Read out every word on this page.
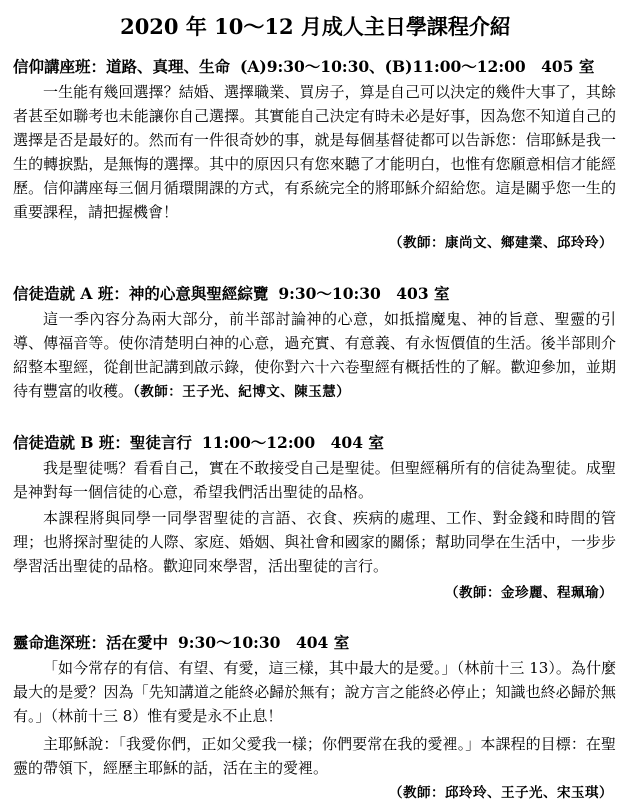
2020 年 10～12 月成人主日學課程介紹
信仰講座班：道路、真理、生命 (A)9:30～10:30、(B)11:00～12:00　405 室
一生能有幾回選擇？結婚、選擇職業、買房子，算是自己可以決定的幾件大事了，其餘者甚至如聯考也未能讓你自己選擇。其實能自己決定有時未必是好事，因為您不知道自己的選擇是否是最好的。然而有一件很奇妙的事，就是每個基督徒都可以告訴您：信耶穌是我一生的轉捩點，是無悔的選擇。其中的原因只有您來聽了才能明白，也惟有您願意相信才能經歷。信仰講座每三個月循環開課的方式，有系統完全的將耶穌介紹給您。這是關乎您一生的重要課程，請把握機會！
（教師：康尚文、鄉建業、邱玲玲）
信徒造就 A 班：神的心意與聖經綜覽 9:30～10:30　403 室
這一季內容分為兩大部分，前半部討論神的心意，如抵擋魔鬼、神的旨意、聖靈的引導、傳福音等。使你清楚明白神的心意，過充實、有意義、有永恆價值的生活。後半部則介紹整本聖經，從創世記講到啟示錄，使你對六十六卷聖經有概括性的了解。歡迎參加，並期待有豐富的收穫。（教師：王子光、紀博文、陳玉慧）
信徒造就 B 班：聖徒言行 11:00～12:00　404 室
我是聖徒嗎？看看自己，實在不敢接受自己是聖徒。但聖經稱所有的信徒為聖徒。成聖是神對每一個信徒的心意，希望我們活出聖徒的品格。
本課程將與同學一同學習聖徒的言語、衣食、疾病的處理、工作、對金錢和時間的管理；也將探討聖徒的人際、家庭、婚姻、與社會和國家的關係；幫助同學在生活中，一步步學習活出聖徒的品格。歡迎同來學習，活出聖徒的言行。
（教師：金珍麗、程珮瑜）
靈命進深班：活在愛中 9:30～10:30　404 室
「如今常存的有信、有望、有愛，這三樣，其中最大的是愛。」（林前十三 13）。為什麼最大的是愛？因為「先知講道之能終必歸於無有；說方言之能終必停止；知識也終必歸於無有。」（林前十三 8）惟有愛是永不止息！
主耶穌說：「我愛你們，正如父愛我一樣；你們要常在我的愛裡。」本課程的目標：在聖靈的帶領下，經歷主耶穌的話，活在主的愛裡。
（教師：邱玲玲、王子光、宋玉琪）
